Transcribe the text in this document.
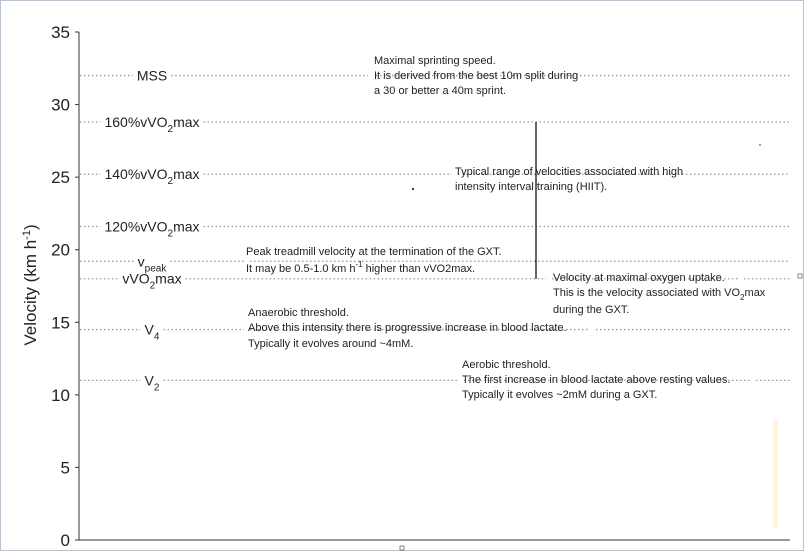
0
5
10
15
20
25
30
35
MSS
160%vVO$_2$max
140%vVO$_2$max
120%vVO$_2$max
$v_{peak}$
vVO$_2$max
$V_4$
$V_2$
Velocity (km $h^{-1}$)
Maximal sprinting speed.
It is derived from the best 10m split during
a 30 or better a 40m sprint.
Typical range of velocities associated with high
intensity interval training (HIIT).
Peak treadmill velocity at the termination of the GXT.
It may be 0.5-1.0 km $h^{-1}$ higher than vVO2max.
Velocity at maximal oxygen uptake.
This is the velocity associated with $VO_2\max$
during the GXT.
Anaerobic threshold.
Above this intensity there is progressive increase in blood lactate.
Typically it evolves around ~4mM.
Aerobic threshold.
The first increase in blood lactate above resting values.
Typically it evolves ~2mM during a GXT.
